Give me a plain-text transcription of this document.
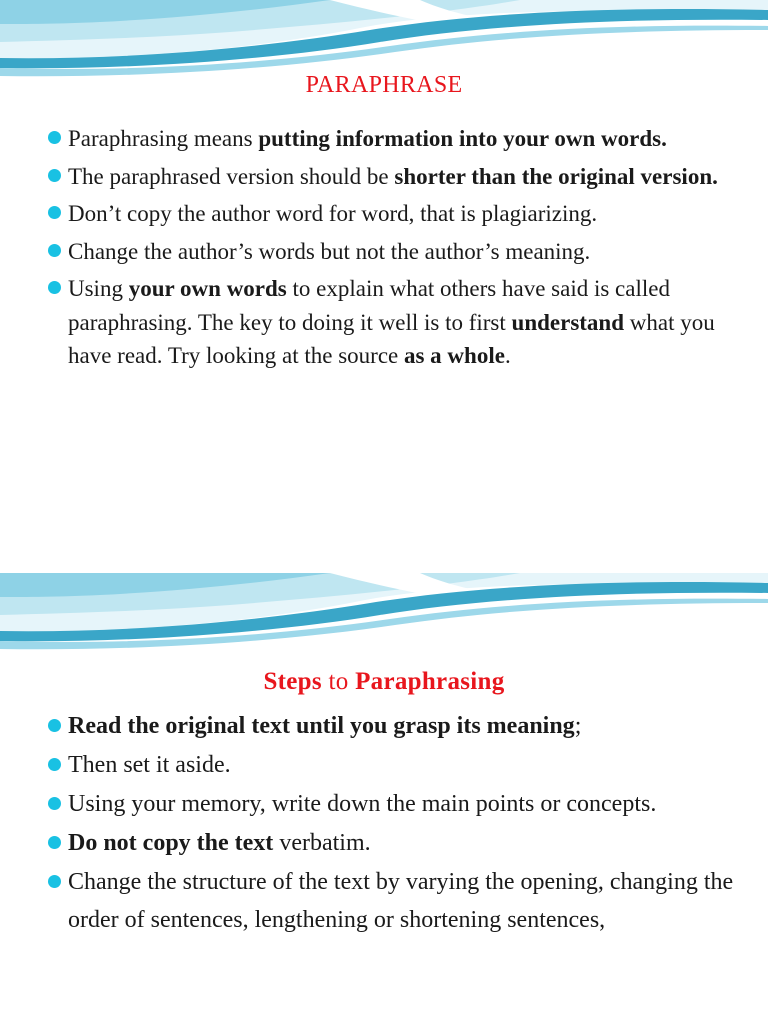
PARAPHRASE
Paraphrasing means putting information into your own words.
The paraphrased version should be shorter than the original version.
Don’t copy the author word for word, that is plagiarizing.
Change the author’s words but not the author’s meaning.
Using your own words to explain what others have said is called paraphrasing. The key to doing it well is to first understand what you have read. Try looking at the source as a whole.
Steps to Paraphrasing
Read the original text until you grasp its meaning;
Then set it aside.
Using your memory, write down the main points or concepts.
Do not copy the text verbatim.
Change the structure of the text by varying the opening, changing the order of sentences, lengthening or shortening sentences,
